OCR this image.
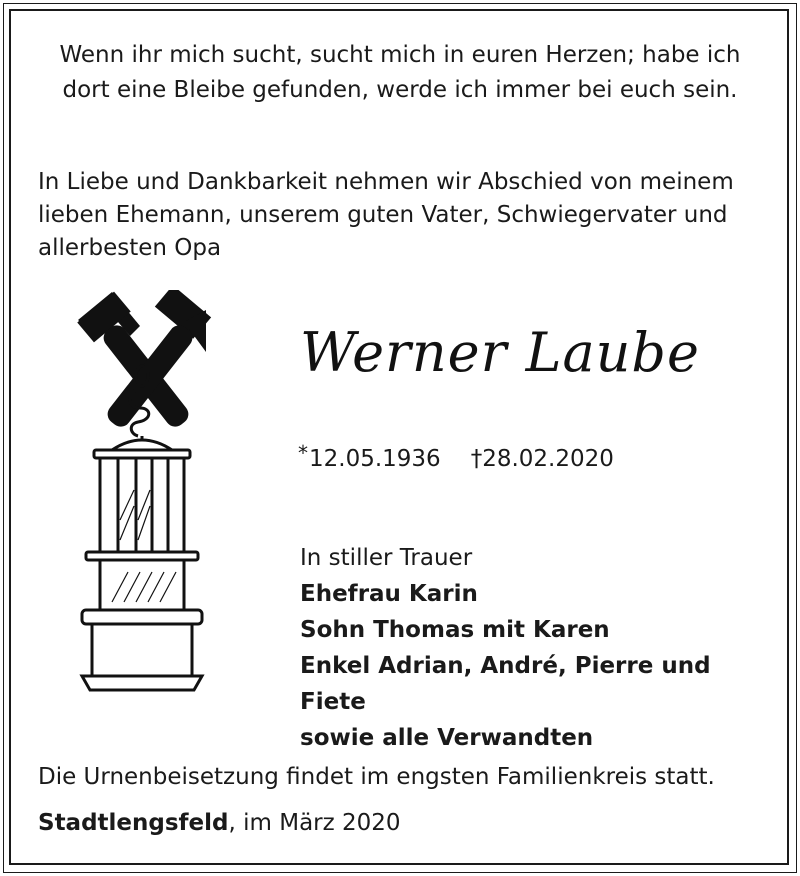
Wenn ihr mich sucht, sucht mich in euren Herzen; habe ich
dort eine Bleibe gefunden, werde ich immer bei euch sein.
In Liebe und Dankbarkeit nehmen wir Abschied von meinem
lieben Ehemann, unserem guten Vater, Schwiegervater und
allerbesten Opa
Werner Laube
*12.05.1936 †28.02.2020
In stiller Trauer
Ehefrau Karin
Sohn Thomas mit Karen
Enkel Adrian, André, Pierre und Fiete
sowie alle Verwandten
Die Urnenbeisetzung findet im engsten Familienkreis statt.
Stadtlengsfeld, im März 2020
